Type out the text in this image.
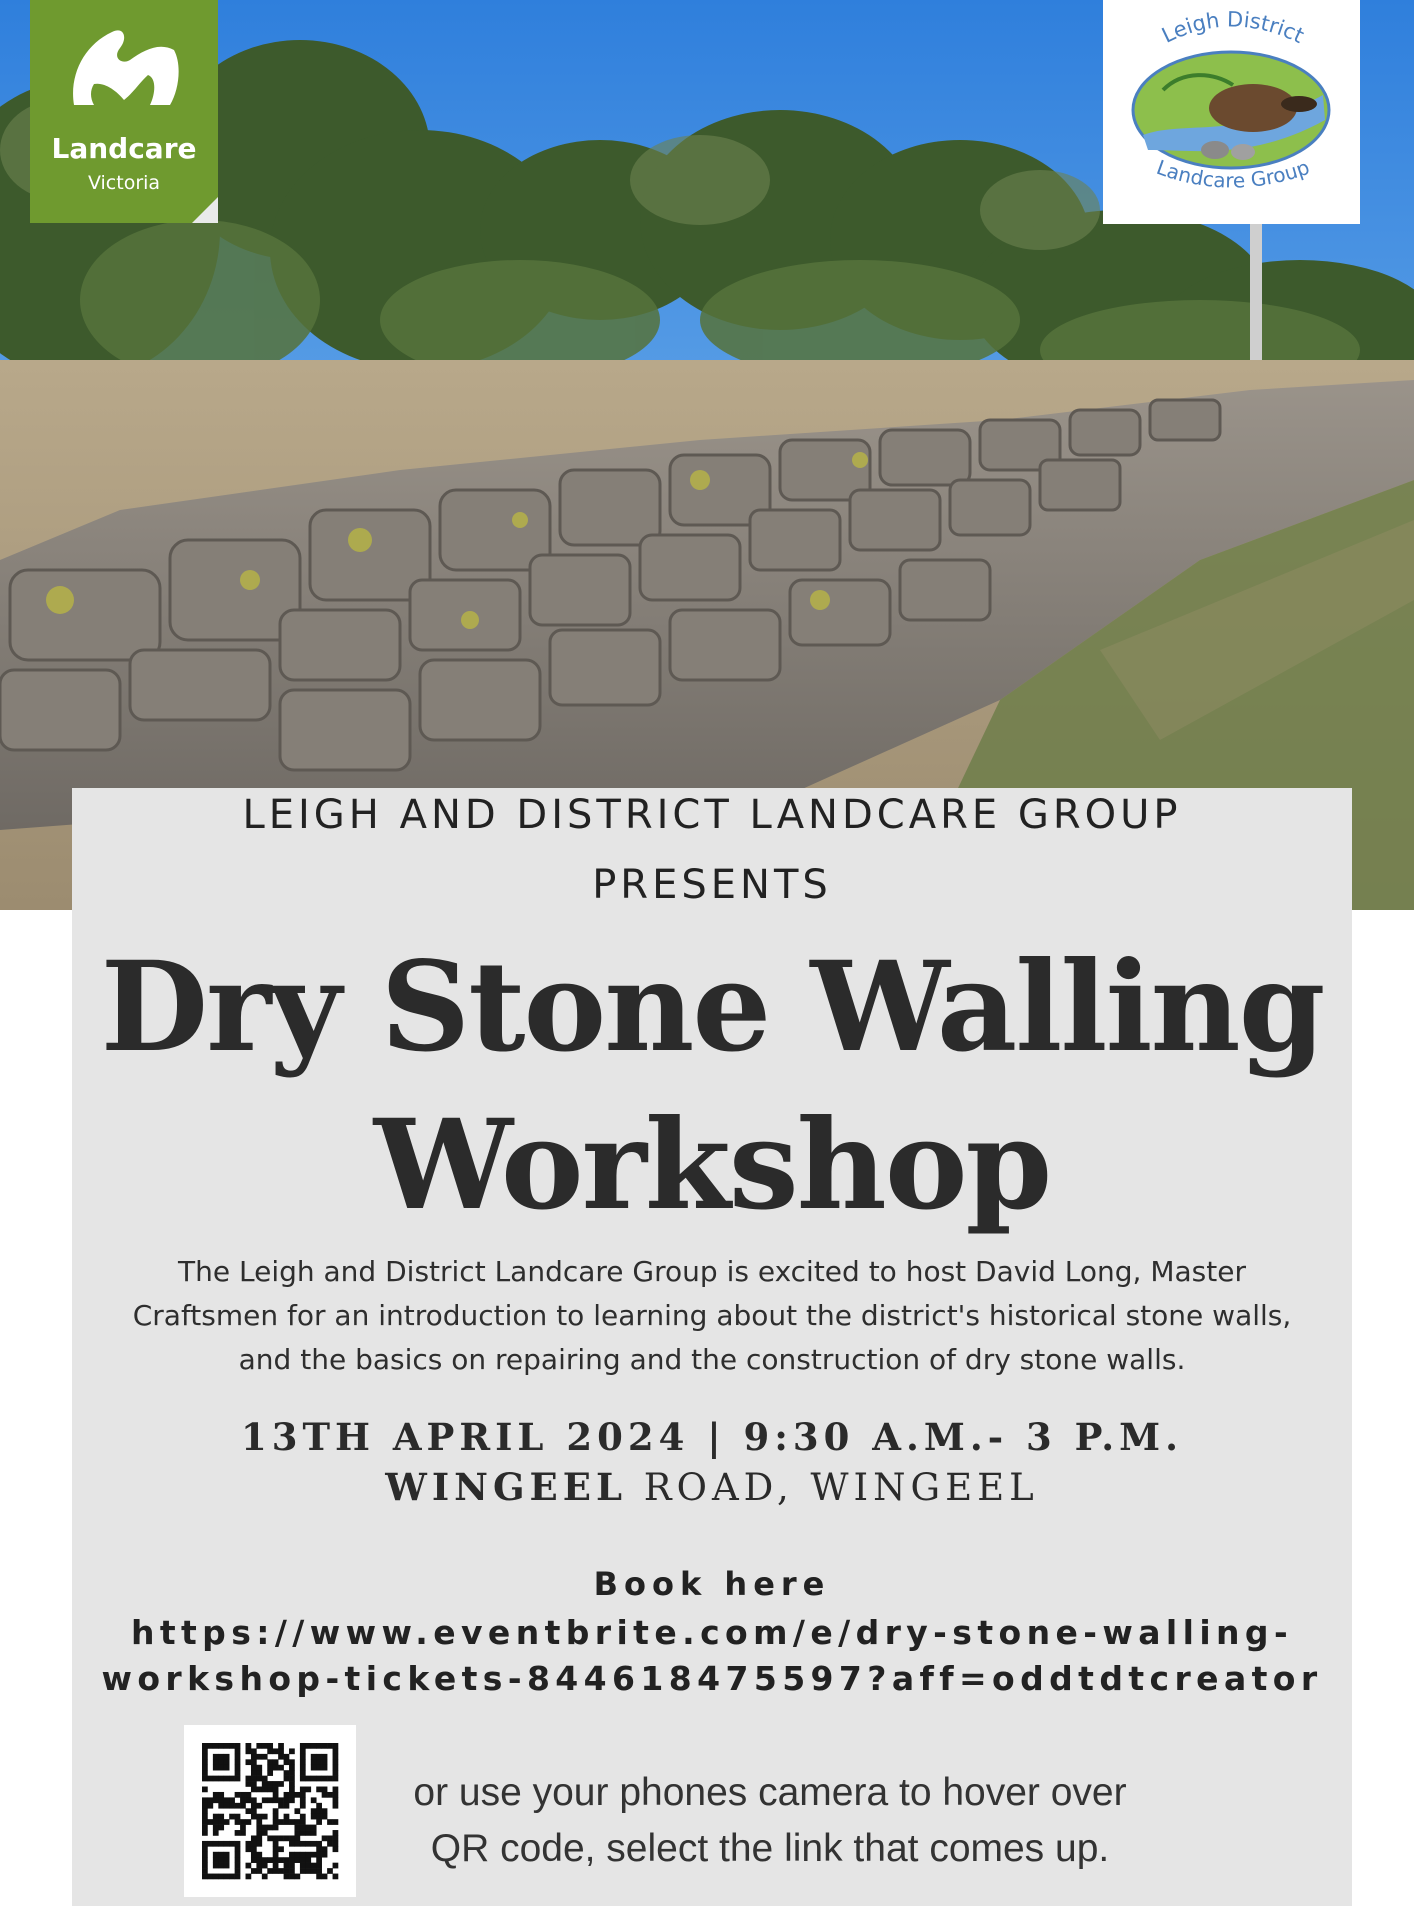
Landcare
Victoria
Leigh District
Landcare Group
LEIGH AND DISTRICT LANDCARE GROUP
PRESENTS
Dry Stone Walling
Workshop
The Leigh and District Landcare Group is excited to host David Long, Master
Craftsmen for an introduction to learning about the district's historical stone walls,
and the basics on repairing and the construction of dry stone walls.
13TH APRIL 2024 | 9:30 A.M.- 3 P.M.
WINGEEL ROAD, WINGEEL
Book here
https://www.eventbrite.com/e/dry-stone-walling-
workshop-tickets-844618475597?aff=oddtdtcreator
or use your phones camera to hover over
QR code, select the link that comes up.
